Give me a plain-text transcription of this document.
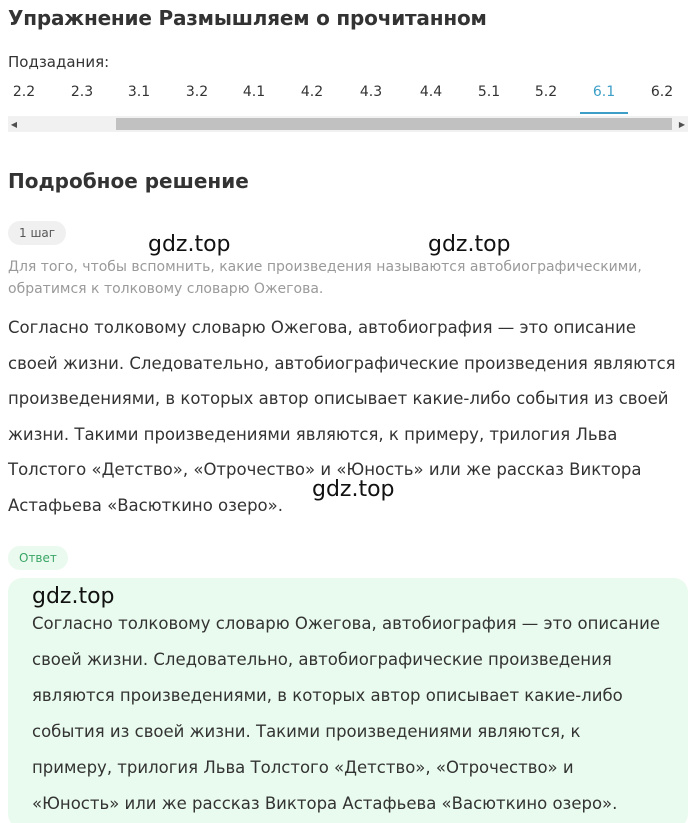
Упражнение Размышляем о прочитанном
Подзадания:
2.2	2.3	3.1	3.2	4.1	4.2	4.3	4.4	5.1	5.2	6.1	6.2
◀	▶
Подробное решение
1 шаг
Для того, чтобы вспомнить, какие произведения называются автобиографическими, обратимся к толковому словарю Ожегова.
Согласно толковому словарю Ожегова, автобиография — это описание своей жизни. Следовательно, автобиографические произведения являются произведениями, в которых автор описывает какие-либо события из своей жизни. Такими произведениями являются, к примеру, трилогия Льва Толстого «Детство», «Отрочество» и «Юность» или же рассказ Виктора Астафьева «Васюткино озеро».
Ответ
Согласно толковому словарю Ожегова, автобиография — это описание своей жизни. Следовательно, автобиографические произведения являются произведениями, в которых автор описывает какие-либо события из своей жизни. Такими произведениями являются, к примеру, трилогия Льва Толстого «Детство», «Отрочество» и «Юность» или же рассказ Виктора Астафьева «Васюткино озеро».
gdz.top	gdz.top
gdz.top
gdz.top
